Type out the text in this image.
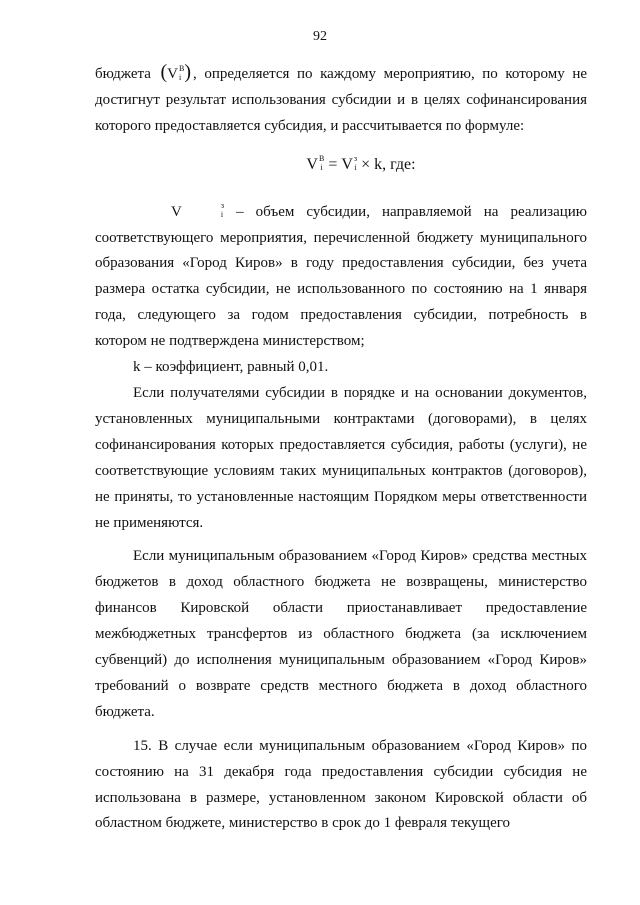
92

бюджета (V В
i ) , определяется по каждому мероприятию, по которому не достигнут результат использования субсидии и в целях софинансирования которого предоставляется субсидия, и рассчитывается по формуле:

V В
i = V з
i × k, где:

V	з
i – объем субсидии, направляемой на реализацию соответствующего мероприятия, перечисленной бюджету муниципального образования «Город Киров» в году предоставления субсидии, без учета размера остатка субсидии, не использованного по состоянию на 1 января года, следующего за годом предоставления субсидии, потребность в котором не подтверждена министерством;

k – коэффициент, равный 0,01.

Если получателями субсидии в порядке и на основании документов, установленных муниципальными контрактами (договорами), в целях софинансирования которых предоставляется субсидия, работы (услуги), не соответствующие условиям таких муниципальных контрактов (договоров), не приняты, то установленные настоящим Порядком меры ответственности не применяются.

Если муниципальным образованием «Город Киров» средства местных бюджетов в доход областного бюджета не возвращены, министерство финансов Кировской области приостанавливает предоставление межбюджетных трансфертов из областного бюджета (за исключением субвенций) до исполнения муниципальным образованием «Город Киров» требований о возврате средств местного бюджета в доход областного бюджета.

15. В случае если муниципальным образованием «Город Киров» по состоянию на 31 декабря года предоставления субсидии субсидия не использована в размере, установленном законом Кировской области об областном бюджете, министерство в срок до 1 февраля текущего
